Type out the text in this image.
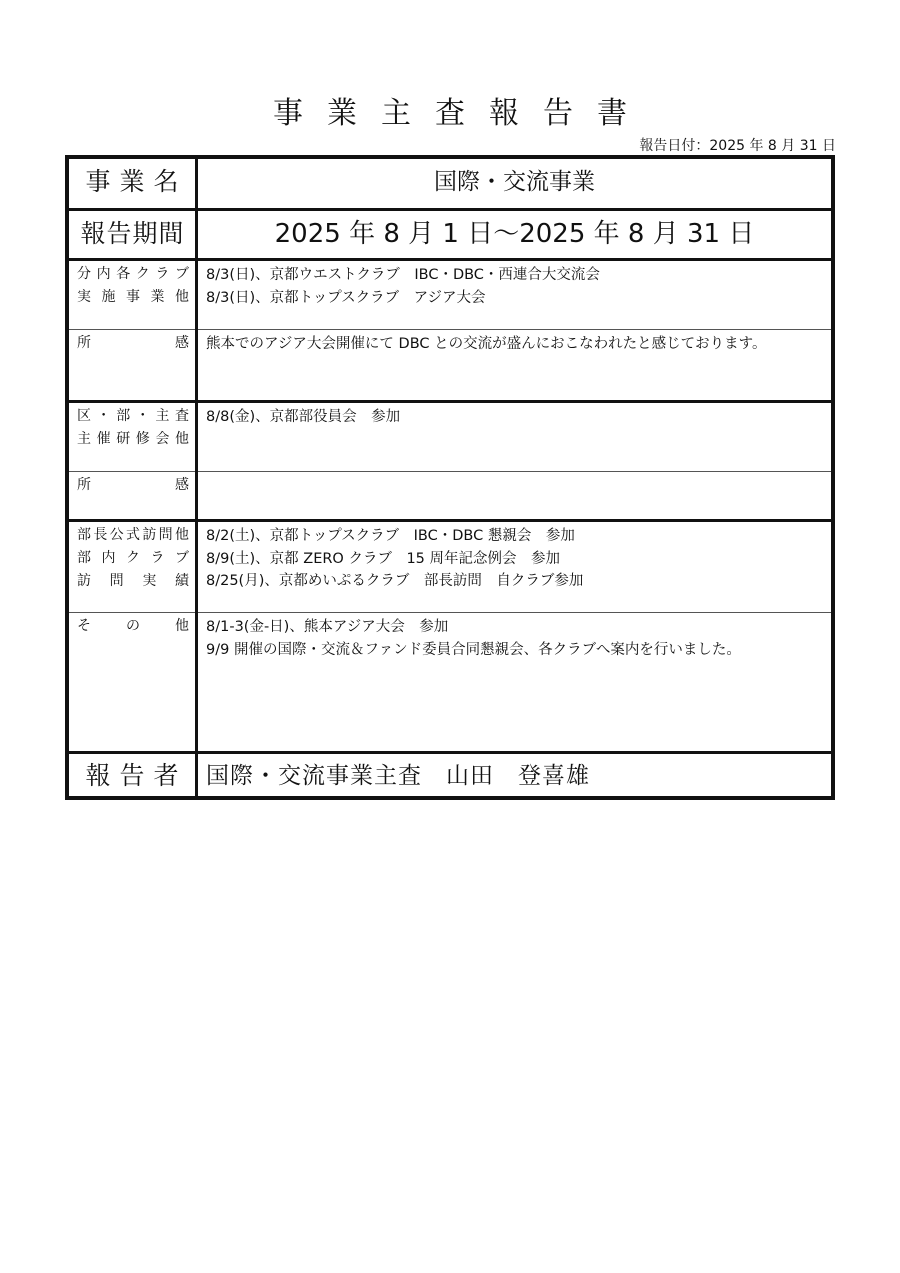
事業主査報告書
報告日付：2025 年 8 月 31 日
事業名	国際・交流事業
報告期間	2025 年 8 月 1 日～2025 年 8 月 31 日
分内各クラブ
実施事業他
8/3(日)、京都ウエストクラブ　IBC・DBC・西連合大交流会
8/3(日)、京都トップスクラブ　アジア大会
所感 熊本でのアジア大会開催にて DBC との交流が盛んにおこなわれたと感じております。
区・部・主査
主催研修会他
8/8(金)、京都部役員会　参加
所感
部長公式訪問他
部内クラブ
訪問実績
8/2(土)、京都トップスクラブ　IBC・DBC 懇親会　参加
8/9(土)、京都 ZERO クラブ　15 周年記念例会　参加
8/25(月)、京都めいぷるクラブ　部長訪問　自クラブ参加
その他 8/1-3(金-日)、熊本アジア大会　参加
9/9 開催の国際・交流＆ファンド委員合同懇親会、各クラブへ案内を行いました。
報告者 国際・交流事業主査　山田　登喜雄
